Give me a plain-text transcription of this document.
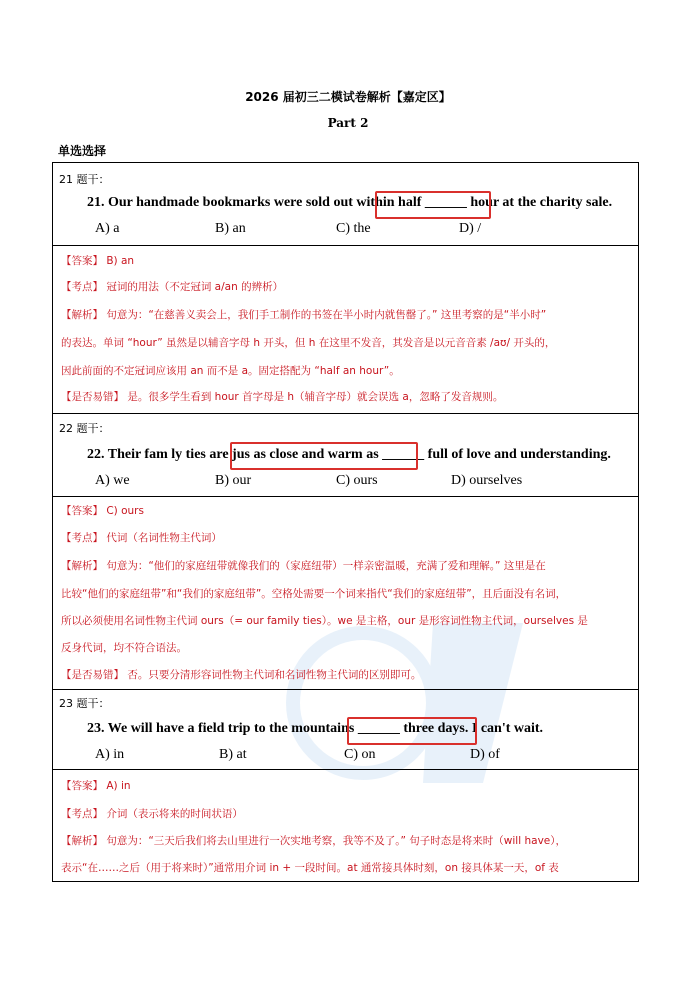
2026 届初三二模试卷解析【嘉定区】
Part 2
单选选择
21 题干：
21. Our handmade bookmarks were sold out within half ______ hour at the charity sale.
A) a	B) an	C) the	D) /
【答案】 B) an
【考点】 冠词的用法（不定冠词 a/an 的辨析）
【解析】 句意为：“在慈善义卖会上，我们手工制作的书签在半小时内就售罄了。” 这里考察的是“半小时”
的表达。单词 “hour” 虽然是以辅音字母 h 开头，但 h 在这里不发音，其发音是以元音音素 /aʊ/ 开头的，
因此前面的不定冠词应该用 an 而不是 a。固定搭配为 “half an hour”。
【是否易错】 是。很多学生看到 hour 首字母是 h（辅音字母）就会误选 a，忽略了发音规则。
22 题干：
22. Their fam ly ties are jus as close and warm as ______ full of love and understanding.
A) we	B) our	C) ours	D) ourselves
【答案】 C) ours
【考点】 代词（名词性物主代词）
【解析】 句意为：“他们的家庭纽带就像我们的（家庭纽带）一样亲密温暖，充满了爱和理解。” 这里是在
比较“他们的家庭纽带”和“我们的家庭纽带”。空格处需要一个词来指代“我们的家庭纽带”，且后面没有名词，
所以必须使用名词性物主代词 ours（= our family ties）。we 是主格，our 是形容词性物主代词，ourselves 是
反身代词，均不符合语法。
【是否易错】 否。只要分清形容词性物主代词和名词性物主代词的区别即可。
23 题干：
23. We will have a field trip to the mountains ______ three days. I can't wait.
A) in	B) at	C) on	D) of
【答案】 A) in
【考点】 介词（表示将来的时间状语）
【解析】 句意为：“三天后我们将去山里进行一次实地考察，我等不及了。” 句子时态是将来时（will have），
表示“在……之后（用于将来时）”通常用介词 in + 一段时间。at 通常接具体时刻，on 接具体某一天，of 表
